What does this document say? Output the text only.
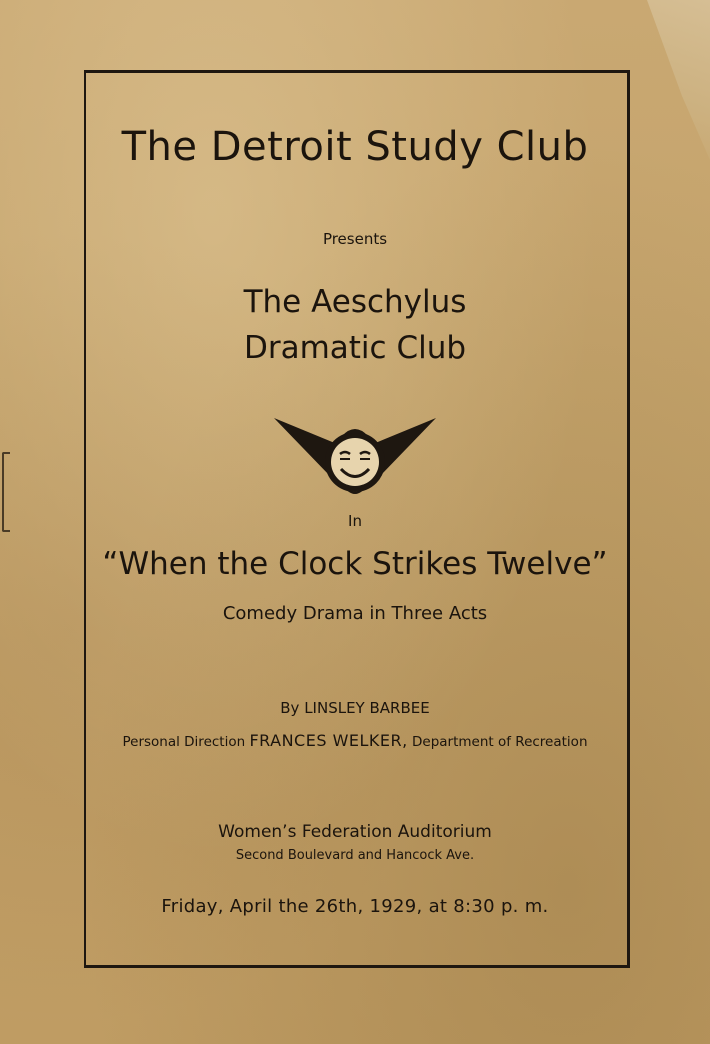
The Detroit Study Club
Presents
The Aeschylus
Dramatic Club
In
“When the Clock Strikes Twelve”
Comedy Drama in Three Acts
By LINSLEY BARBEE
Personal Direction FRANCES WELKER, Department of Recreation
Women’s Federation Auditorium
Second Boulevard and Hancock Ave.
Friday, April the 26th, 1929, at 8:30 p. m.
